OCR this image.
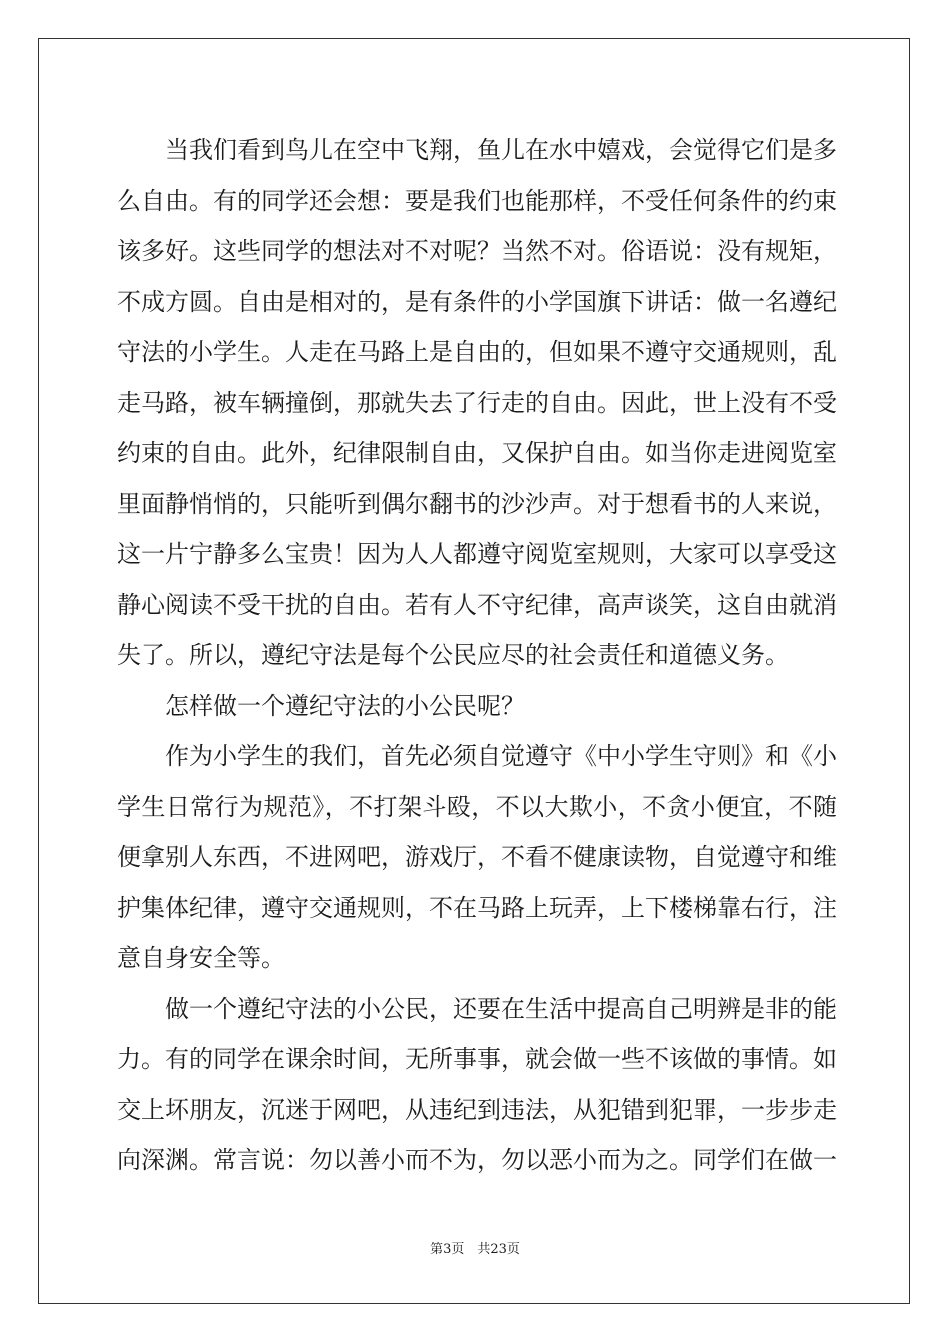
　　当我们看到鸟儿在空中飞翔，鱼儿在水中嬉戏，会觉得它们是多
么自由。有的同学还会想：要是我们也能那样，不受任何条件的约束
该多好。这些同学的想法对不对呢？当然不对。俗语说：没有规矩，
不成方圆。自由是相对的，是有条件的小学国旗下讲话：做一名遵纪
守法的小学生。人走在马路上是自由的，但如果不遵守交通规则，乱
走马路，被车辆撞倒，那就失去了行走的自由。因此，世上没有不受
约束的自由。此外，纪律限制自由，又保护自由。如当你走进阅览室
里面静悄悄的，只能听到偶尔翻书的沙沙声。对于想看书的人来说，
这一片宁静多么宝贵！因为人人都遵守阅览室规则，大家可以享受这
静心阅读不受干扰的自由。若有人不守纪律，高声谈笑，这自由就消
失了。所以，遵纪守法是每个公民应尽的社会责任和道德义务。
　　怎样做一个遵纪守法的小公民呢？
　　作为小学生的我们，首先必须自觉遵守《中小学生守则》和《小
学生日常行为规范》，不打架斗殴，不以大欺小，不贪小便宜，不随
便拿别人东西，不进网吧，游戏厅，不看不健康读物，自觉遵守和维
护集体纪律，遵守交通规则，不在马路上玩弄，上下楼梯靠右行，注
意自身安全等。
　　做一个遵纪守法的小公民，还要在生活中提高自己明辨是非的能
力。有的同学在课余时间，无所事事，就会做一些不该做的事情。如
交上坏朋友，沉迷于网吧，从违纪到违法，从犯错到犯罪，一步步走
向深渊。常言说：勿以善小而不为，勿以恶小而为之。同学们在做一
第3页　共23页
